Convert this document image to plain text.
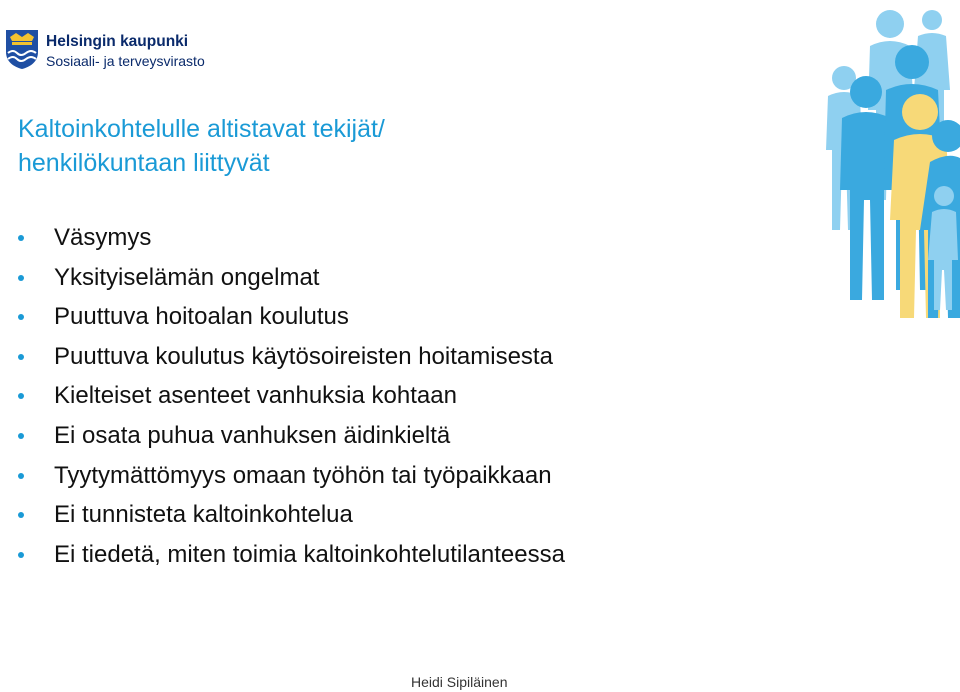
Helsingin kaupunki
Sosiaali- ja terveysvirasto
Kaltoinkohtelulle altistavat tekijät/
henkilökuntaan liittyvät
Väsymys
Yksityiselämän ongelmat
Puuttuva hoitoalan koulutus
Puuttuva koulutus käytösoireisten hoitamisesta
Kielteiset asenteet vanhuksia kohtaan
Ei osata puhua vanhuksen äidinkieltä
Tyytymättömyys omaan työhön tai työpaikkaan
Ei tunnisteta kaltoinkohtelua
Ei tiedetä, miten toimia kaltoinkohtelutilanteessa
Heidi Sipiläinen
